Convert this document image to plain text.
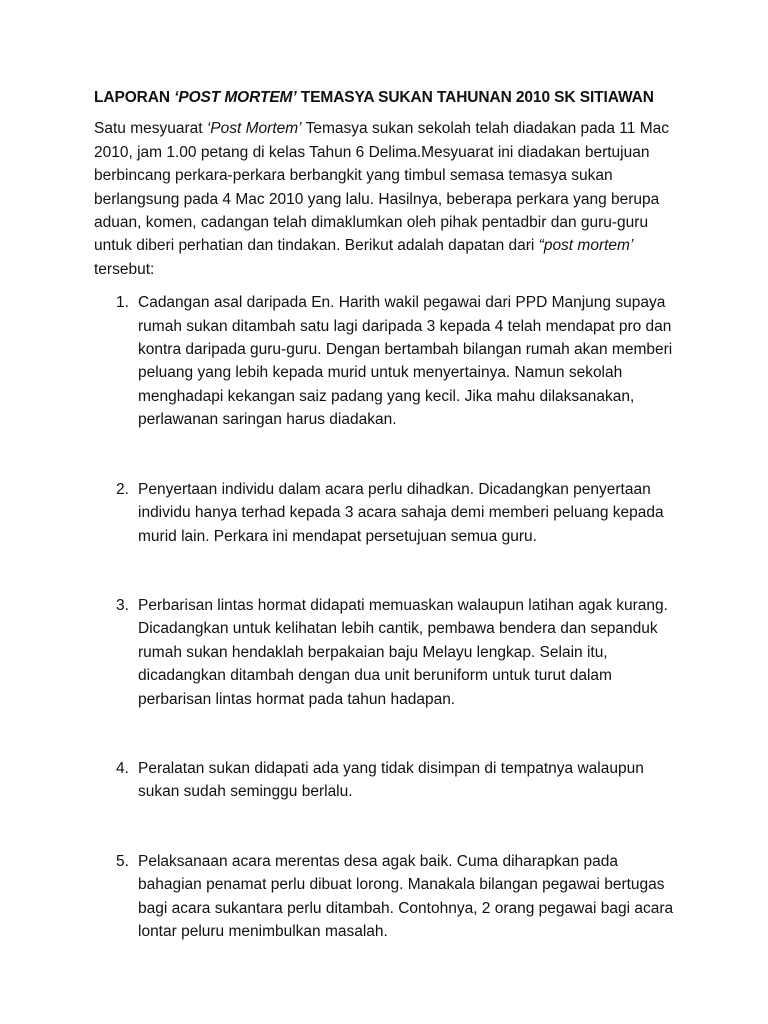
LAPORAN ‘POST MORTEM’ TEMASYA SUKAN TAHUNAN 2010 SK SITIAWAN

Satu mesyuarat ‘Post Mortem’ Temasya sukan sekolah telah diadakan pada 11 Mac 2010, jam 1.00 petang di kelas Tahun 6 Delima.Mesyuarat ini diadakan bertujuan berbincang perkara-perkara berbangkit yang timbul semasa temasya sukan berlangsung pada 4 Mac 2010 yang lalu. Hasilnya, beberapa perkara yang berupa aduan, komen, cadangan telah dimaklumkan oleh pihak pentadbir dan guru-guru untuk diberi perhatian dan tindakan. Berikut adalah dapatan dari “post mortem’ tersebut:

1. Cadangan asal daripada En. Harith wakil pegawai dari PPD Manjung supaya rumah sukan ditambah satu lagi daripada 3 kepada 4 telah mendapat pro dan kontra daripada guru-guru. Dengan bertambah bilangan rumah akan memberi peluang yang lebih kepada murid untuk menyertainya. Namun sekolah menghadapi kekangan saiz padang yang kecil. Jika mahu dilaksanakan, perlawanan saringan harus diadakan.
2. Penyertaan individu dalam acara perlu dihadkan. Dicadangkan penyertaan individu hanya terhad kepada 3 acara sahaja demi memberi peluang kepada murid lain. Perkara ini mendapat persetujuan semua guru.
3. Perbarisan lintas hormat didapati memuaskan walaupun latihan agak kurang. Dicadangkan untuk kelihatan lebih cantik, pembawa bendera dan sepanduk rumah sukan hendaklah berpakaian baju Melayu lengkap. Selain itu, dicadangkan ditambah dengan dua unit beruniform untuk turut dalam perbarisan lintas hormat pada tahun hadapan.
4. Peralatan sukan didapati ada yang tidak disimpan di tempatnya walaupun sukan sudah seminggu berlalu.
5. Pelaksanaan acara merentas desa agak baik. Cuma diharapkan pada bahagian penamat perlu dibuat lorong. Manakala bilangan pegawai bertugas bagi acara sukantara perlu ditambah. Contohnya, 2 orang pegawai bagi acara lontar peluru menimbulkan masalah.
